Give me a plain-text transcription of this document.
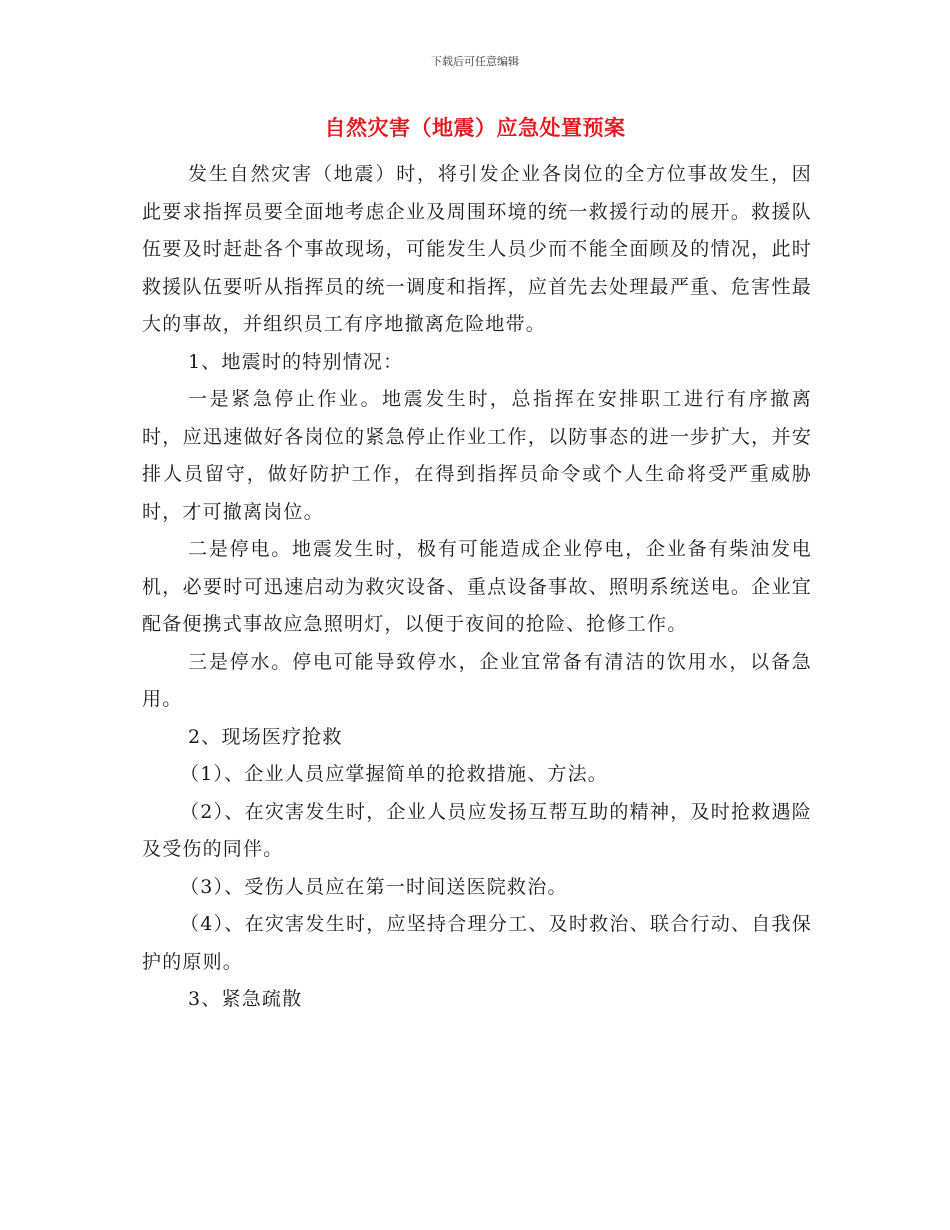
下载后可任意编辑
自然灾害（地震）应急处置预案

发生自然灾害（地震）时，将引发企业各岗位的全方位事故发生，因此要求指挥员要全面地考虑企业及周围环境的统一救援行动的展开。救援队伍要及时赶赴各个事故现场，可能发生人员少而不能全面顾及的情况，此时救援队伍要听从指挥员的统一调度和指挥，应首先去处理最严重、危害性最大的事故，并组织员工有序地撤离危险地带。

1、地震时的特别情况：

一是紧急停止作业。地震发生时，总指挥在安排职工进行有序撤离时，应迅速做好各岗位的紧急停止作业工作，以防事态的进一步扩大，并安排人员留守，做好防护工作，在得到指挥员命令或个人生命将受严重威胁时，才可撤离岗位。

二是停电。地震发生时，极有可能造成企业停电，企业备有柴油发电机，必要时可迅速启动为救灾设备、重点设备事故、照明系统送电。企业宜配备便携式事故应急照明灯，以便于夜间的抢险、抢修工作。

三是停水。停电可能导致停水，企业宜常备有清洁的饮用水，以备急用。

2、现场医疗抢救

（1）、企业人员应掌握简单的抢救措施、方法。

（2）、在灾害发生时，企业人员应发扬互帮互助的精神，及时抢救遇险及受伤的同伴。

（3）、受伤人员应在第一时间送医院救治。

（4）、在灾害发生时，应坚持合理分工、及时救治、联合行动、自我保护的原则。

3、紧急疏散
